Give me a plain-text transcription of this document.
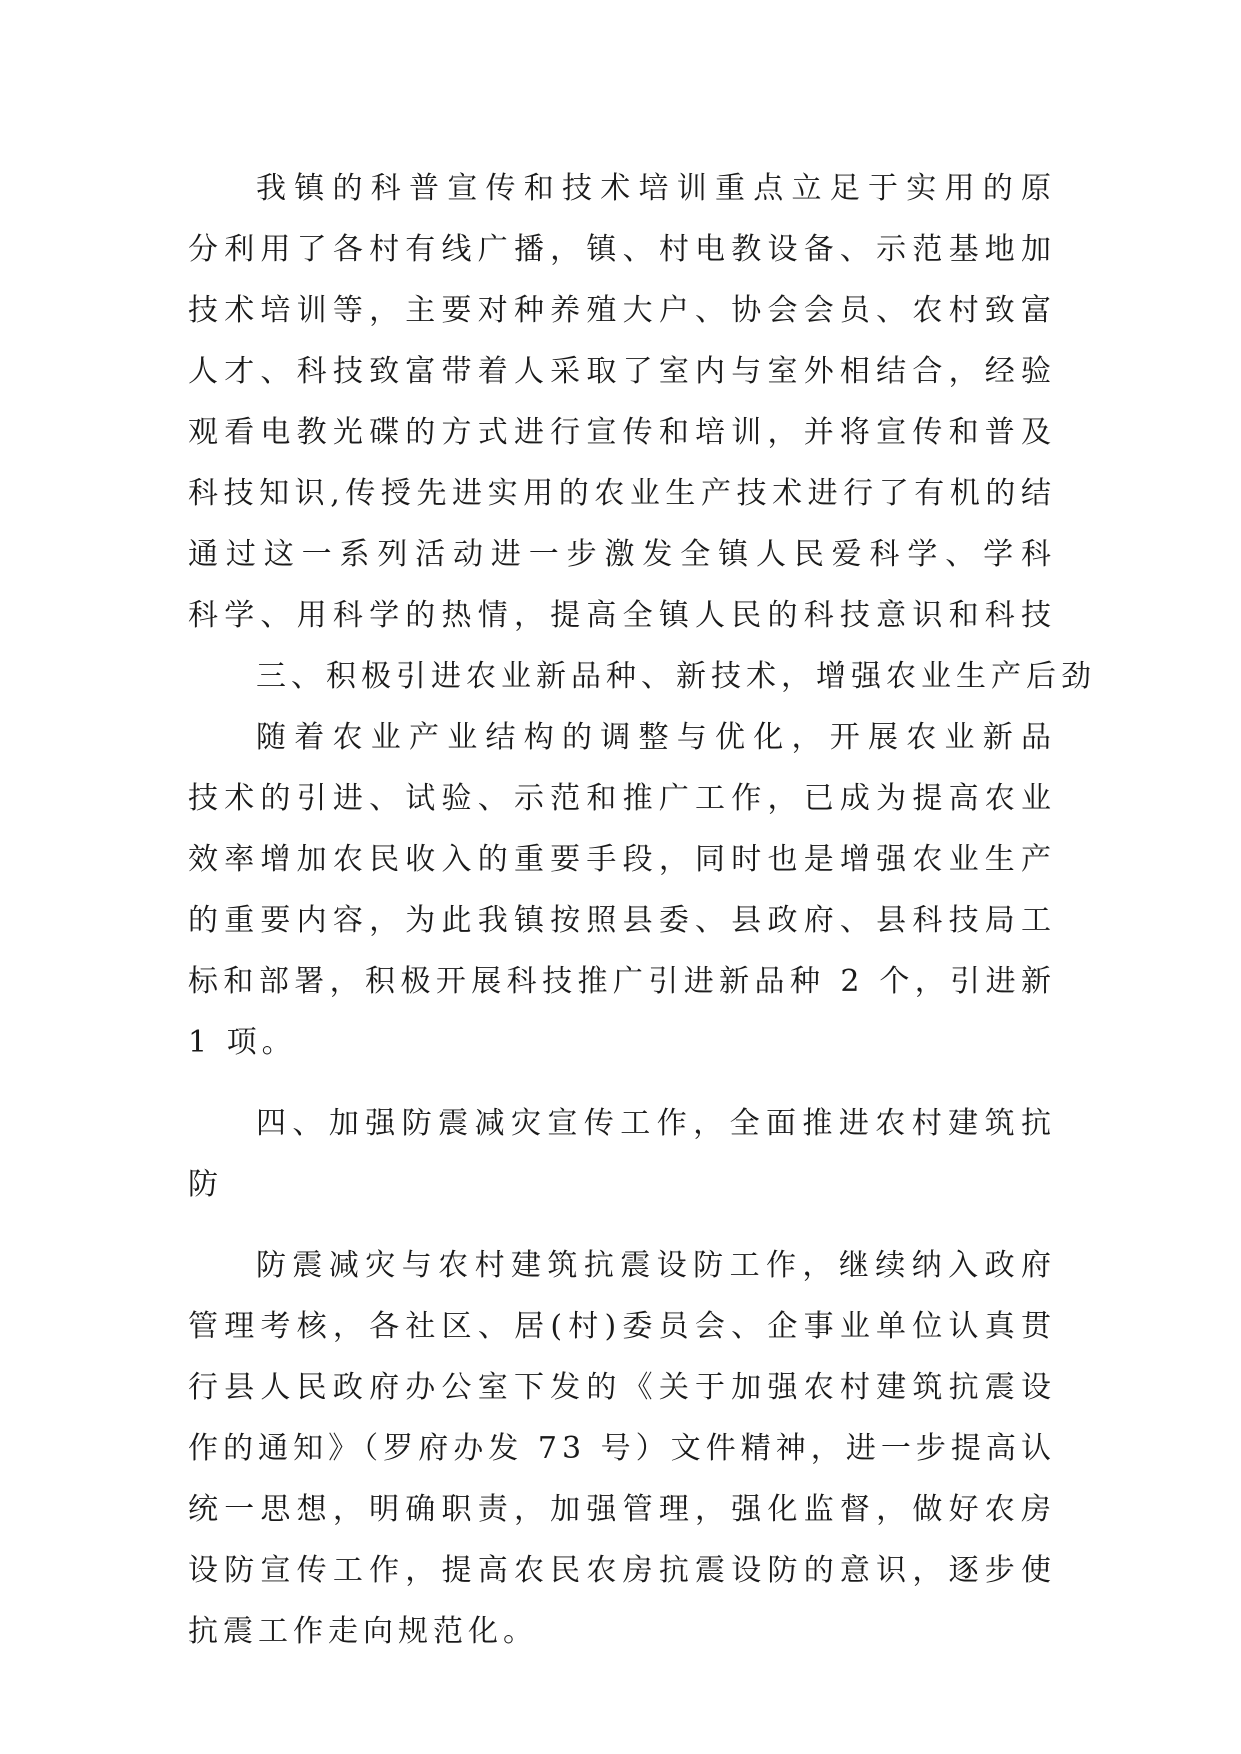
我镇的科普宣传和技术培训重点立足于实用的原
分利用了各村有线广播，镇、村电教设备、示范基地加
技术培训等，主要对种养殖大户、协会会员、农村致富
人才、科技致富带着人采取了室内与室外相结合，经验
观看电教光碟的方式进行宣传和培训，并将宣传和普及
科技知识,传授先进实用的农业生产技术进行了有机的结
通过这一系列活动进一步激发全镇人民爱科学、学科
科学、用科学的热情，提高全镇人民的科技意识和科技
三、积极引进农业新品种、新技术，增强农业生产后劲
随着农业产业结构的调整与优化，开展农业新品
技术的引进、试验、示范和推广工作，已成为提高农业
效率增加农民收入的重要手段，同时也是增强农业生产
的重要内容，为此我镇按照县委、县政府、县科技局工
标和部署，积极开展科技推广引进新品种 2 个，引进新
1 项。
四、加强防震减灾宣传工作，全面推进农村建筑抗
防
防震减灾与农村建筑抗震设防工作，继续纳入政府
管理考核，各社区、居(村)委员会、企事业单位认真贯
行县人民政府办公室下发的《关于加强农村建筑抗震设
作的通知》（罗府办发 73 号）文件精神，进一步提高认
统一思想，明确职责，加强管理，强化监督，做好农房
设防宣传工作，提高农民农房抗震设防的意识，逐步使
抗震工作走向规范化。
